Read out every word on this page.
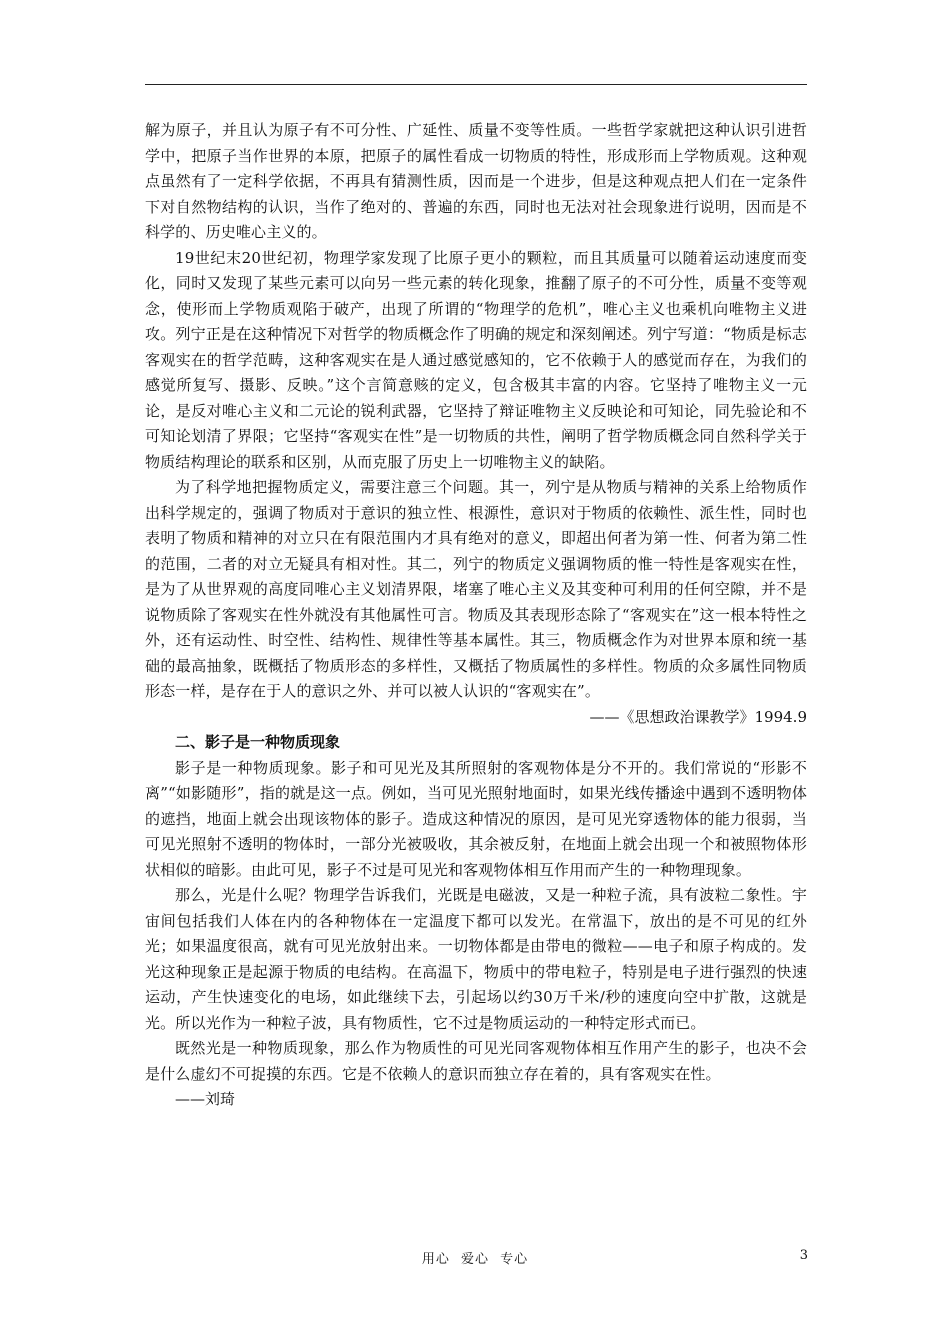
解为原子，并且认为原子有不可分性、广延性、质量不变等性质。一些哲学家就把这种认识引进哲学中，把原子当作世界的本原，把原子的属性看成一切物质的特性，形成形而上学物质观。这种观点虽然有了一定科学依据，不再具有猜测性质，因而是一个进步，但是这种观点把人们在一定条件下对自然物结构的认识，当作了绝对的、普遍的东西，同时也无法对社会现象进行说明，因而是不科学的、历史唯心主义的。

19世纪末20世纪初，物理学家发现了比原子更小的颗粒，而且其质量可以随着运动速度而变化，同时又发现了某些元素可以向另一些元素的转化现象，推翻了原子的不可分性，质量不变等观念，使形而上学物质观陷于破产，出现了所谓的“物理学的危机”，唯心主义也乘机向唯物主义进攻。列宁正是在这种情况下对哲学的物质概念作了明确的规定和深刻阐述。列宁写道：“物质是标志客观实在的哲学范畴，这种客观实在是人通过感觉感知的，它不依赖于人的感觉而存在，为我们的感觉所复写、摄影、反映。”这个言简意赅的定义，包含极其丰富的内容。它坚持了唯物主义一元论，是反对唯心主义和二元论的锐利武器，它坚持了辩证唯物主义反映论和可知论，同先验论和不可知论划清了界限；它坚持“客观实在性”是一切物质的共性，阐明了哲学物质概念同自然科学关于物质结构理论的联系和区别，从而克服了历史上一切唯物主义的缺陷。

为了科学地把握物质定义，需要注意三个问题。其一，列宁是从物质与精神的关系上给物质作出科学规定的，强调了物质对于意识的独立性、根源性，意识对于物质的依赖性、派生性，同时也表明了物质和精神的对立只在有限范围内才具有绝对的意义，即超出何者为第一性、何者为第二性的范围，二者的对立无疑具有相对性。其二，列宁的物质定义强调物质的惟一特性是客观实在性，是为了从世界观的高度同唯心主义划清界限，堵塞了唯心主义及其变种可利用的任何空隙，并不是说物质除了客观实在性外就没有其他属性可言。物质及其表现形态除了“客观实在”这一根本特性之外，还有运动性、时空性、结构性、规律性等基本属性。其三，物质概念作为对世界本原和统一基础的最高抽象，既概括了物质形态的多样性，又概括了物质属性的多样性。物质的众多属性同物质形态一样，是存在于人的意识之外、并可以被人认识的“客观实在”。

——《思想政治课教学》1994.9

二、影子是一种物质现象

影子是一种物质现象。影子和可见光及其所照射的客观物体是分不开的。我们常说的“形影不离”“如影随形”，指的就是这一点。例如，当可见光照射地面时，如果光线传播途中遇到不透明物体的遮挡，地面上就会出现该物体的影子。造成这种情况的原因，是可见光穿透物体的能力很弱，当可见光照射不透明的物体时，一部分光被吸收，其余被反射，在地面上就会出现一个和被照物体形状相似的暗影。由此可见，影子不过是可见光和客观物体相互作用而产生的一种物理现象。

那么，光是什么呢？物理学告诉我们，光既是电磁波，又是一种粒子流，具有波粒二象性。宇宙间包括我们人体在内的各种物体在一定温度下都可以发光。在常温下，放出的是不可见的红外光；如果温度很高，就有可见光放射出来。一切物体都是由带电的微粒——电子和原子构成的。发光这种现象正是起源于物质的电结构。在高温下，物质中的带电粒子，特别是电子进行强烈的快速运动，产生快速变化的电场，如此继续下去，引起场以约30万千米/秒的速度向空中扩散，这就是光。所以光作为一种粒子波，具有物质性，它不过是物质运动的一种特定形式而已。

既然光是一种物质现象，那么作为物质性的可见光同客观物体相互作用产生的影子，也决不会是什么虚幻不可捉摸的东西。它是不依赖人的意识而独立存在着的，具有客观实在性。

——刘琦

用心 爱心 专心	3
